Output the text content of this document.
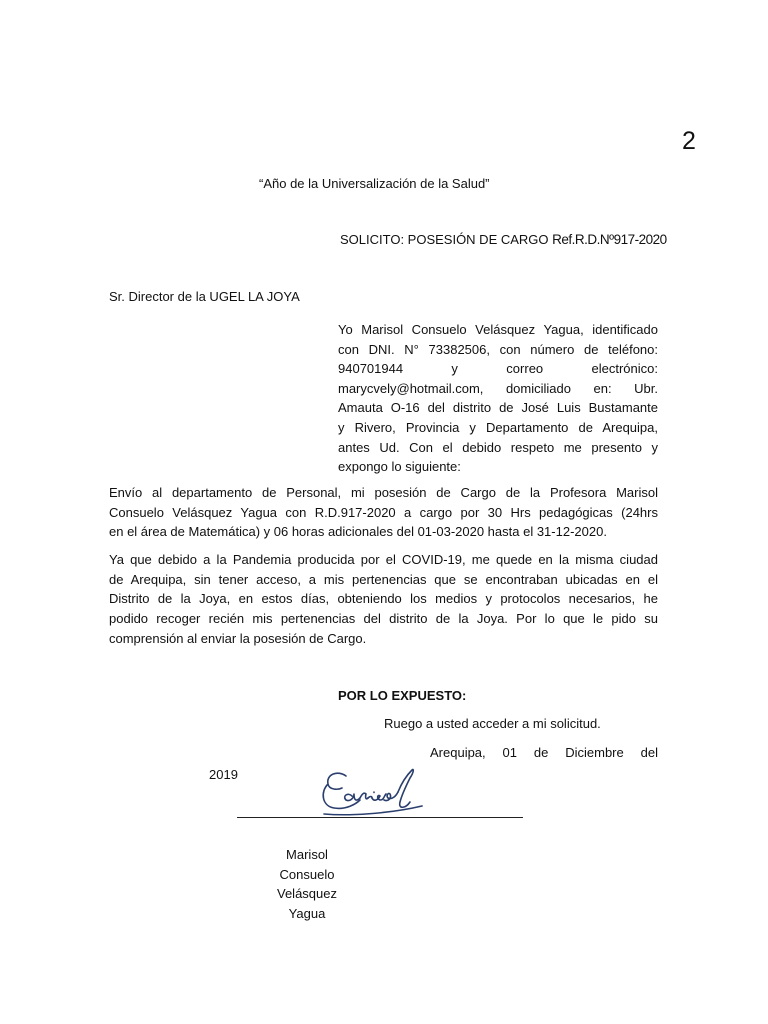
2
“Año de la Universalización de la Salud”
SOLICITO: POSESIÓN DE CARGO Ref.R.D.Nº917-2020
Sr. Director de la UGEL LA JOYA
Yo Marisol Consuelo Velásquez Yagua, identificado
con DNI. N° 73382506, con número de teléfono:
940701944 y correo electrónico:
marycvely@hotmail.com, domiciliado en: Ubr.
Amauta O-16 del distrito de José Luis Bustamante
y Rivero, Provincia y Departamento de Arequipa,
antes Ud. Con el debido respeto me presento y
expongo lo siguiente:
Envío al departamento de Personal, mi posesión de Cargo de la Profesora Marisol
Consuelo Velásquez Yagua con R.D.917-2020 a cargo por 30 Hrs pedagógicas (24hrs
en el área de Matemática) y 06 horas adicionales del 01-03-2020 hasta el 31-12-2020.
Ya que debido a la Pandemia producida por el COVID-19, me quede en la misma ciudad
de Arequipa, sin tener acceso, a mis pertenencias que se encontraban ubicadas en el
Distrito de la Joya, en estos días, obteniendo los medios y protocolos necesarios, he
podido recoger recién mis pertenencias del distrito de la Joya. Por lo que le pido su
comprensión al enviar la posesión de Cargo.
POR LO EXPUESTO:
Ruego a usted acceder a mi solicitud.
Arequipa, 01 de Diciembre del
2019
Marisol
Consuelo
Velásquez
Yagua
